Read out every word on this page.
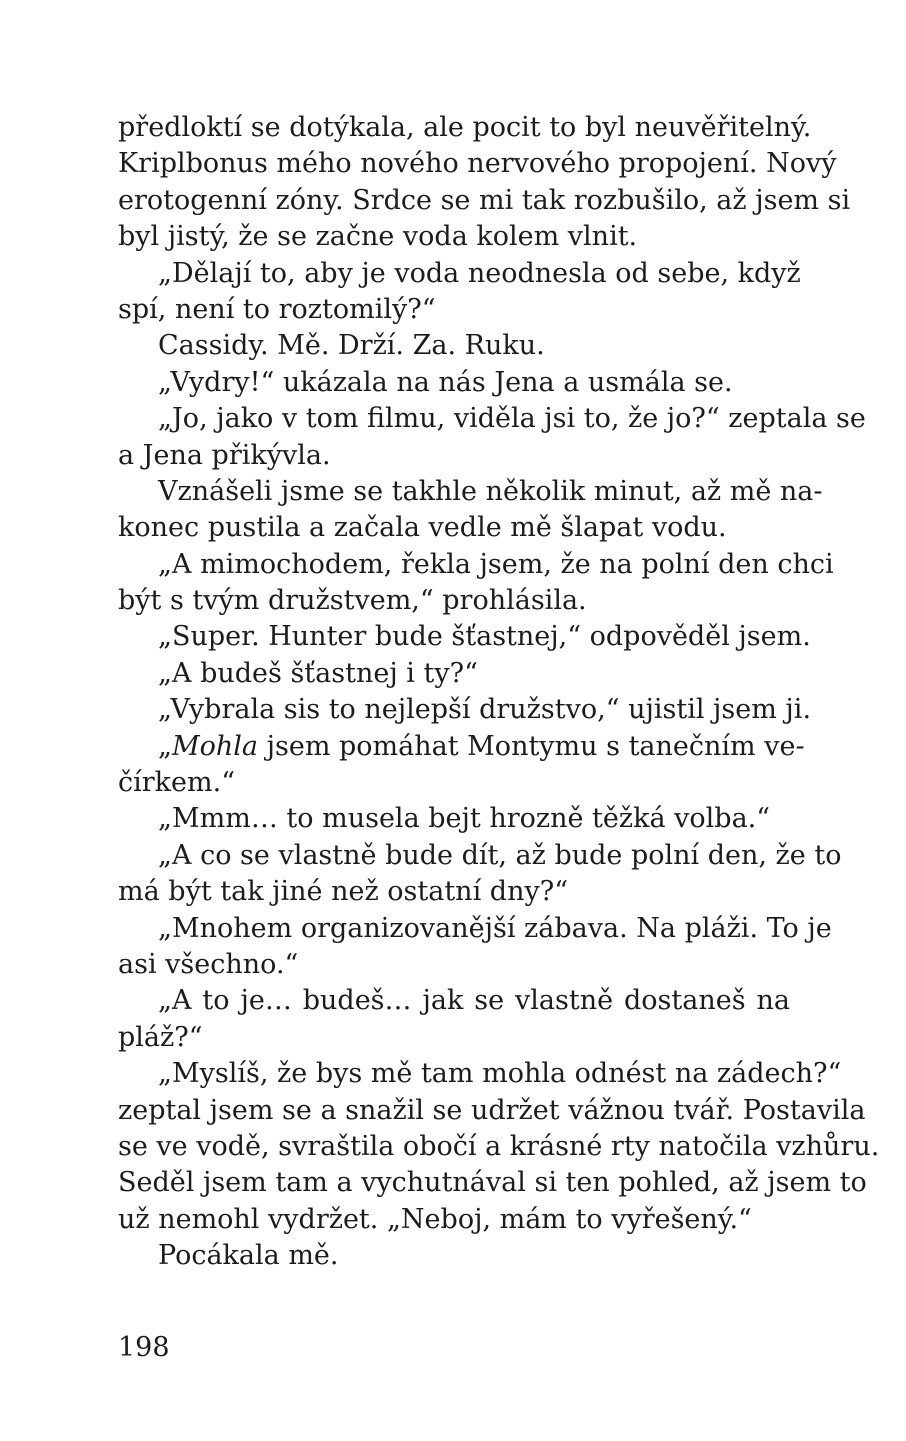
předloktí se dotýkala, ale pocit to byl neuvěřitelný.
Kriplbonus mého nového nervového propojení. Nový
erotogenní zóny. Srdce se mi tak rozbušilo, až jsem si
byl jistý, že se začne voda kolem vlnit.
„Dělají to, aby je voda neodnesla od sebe, když
spí, není to roztomilý?“
Cassidy. Mě. Drží. Za. Ruku.
„Vydry!“ ukázala na nás Jena a usmála se.
„Jo, jako v tom filmu, viděla jsi to, že jo?“ zeptala se
a Jena přikývla.
Vznášeli jsme se takhle několik minut, až mě na-
konec pustila a začala vedle mě šlapat vodu.
„A mimochodem, řekla jsem, že na polní den chci
být s tvým družstvem,“ prohlásila.
„Super. Hunter bude šťastnej,“ odpověděl jsem.
„A budeš šťastnej i ty?“
„Vybrala sis to nejlepší družstvo,“ ujistil jsem ji.
„Mohla jsem pomáhat Montymu s tanečním ve-
čírkem.“
„Mmm… to musela bejt hrozně těžká volba.“
„A co se vlastně bude dít, až bude polní den, že to
má být tak jiné než ostatní dny?“
„Mnohem organizovanější zábava. Na pláži. To je
asi všechno.“
„A to je… budeš… jak se vlastně dostaneš na
pláž?“
„Myslíš, že bys mě tam mohla odnést na zádech?“
zeptal jsem se a snažil se udržet vážnou tvář. Postavila
se ve vodě, svraštila obočí a krásné rty natočila vzhůru.
Seděl jsem tam a vychutnával si ten pohled, až jsem to
už nemohl vydržet. „Neboj, mám to vyřešený.“
Pocákala mě.
198
